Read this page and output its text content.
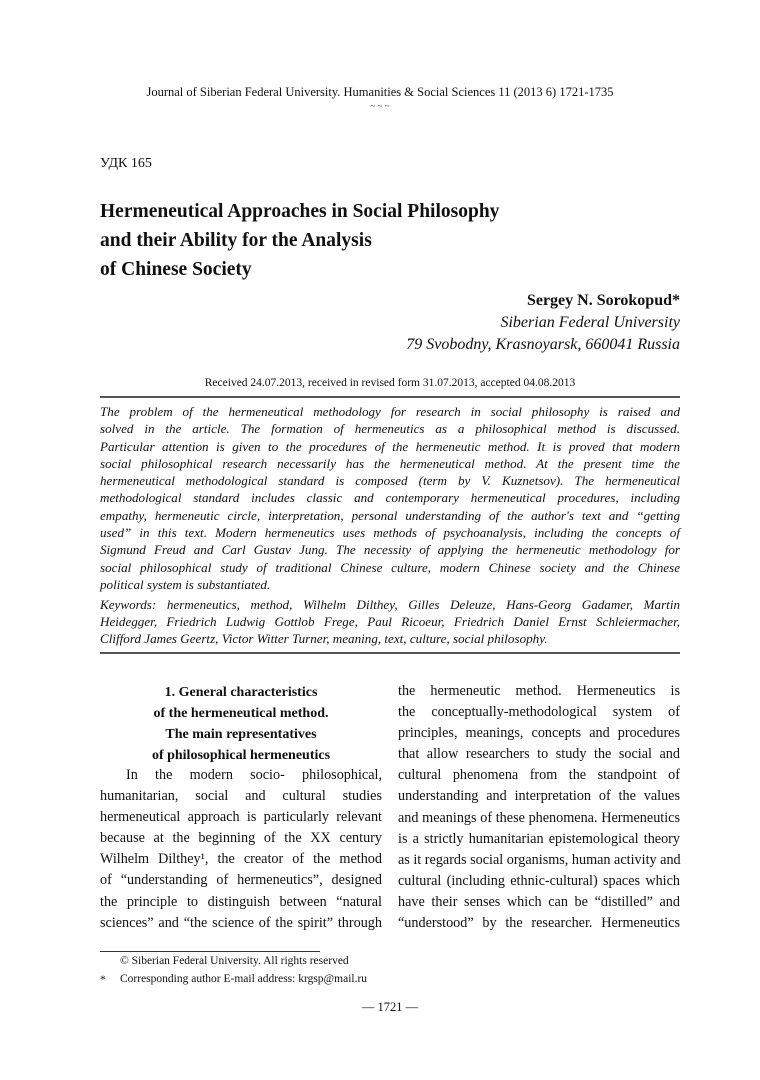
Journal of Siberian Federal University. Humanities & Social Sciences 11 (2013 6) 1721-1735
~ ~ ~
УДК 165
Hermeneutical Approaches in Social Philosophy
and their Ability for the Analysis
of Chinese Society
Sergey N. Sorokopud*
Siberian Federal University
79 Svobodny, Krasnoyarsk, 660041 Russia
Received 24.07.2013, received in revised form 31.07.2013, accepted 04.08.2013
The problem of the hermeneutical methodology for research in social philosophy is raised and
solved in the article. The formation of hermeneutics as a philosophical method is discussed.
Particular attention is given to the procedures of the hermeneutic method. It is proved that modern
social philosophical research necessarily has the hermeneutical method. At the present time the
hermeneutical methodological standard is composed (term by V. Kuznetsov). The hermeneutical
methodological standard includes classic and contemporary hermeneutical procedures, including
empathy, hermeneutic circle, interpretation, personal understanding of the author's text and “getting
used” in this text. Modern hermeneutics uses methods of psychoanalysis, including the concepts of
Sigmund Freud and Carl Gustav Jung. The necessity of applying the hermeneutic methodology for
social philosophical study of traditional Chinese culture, modern Chinese society and the Chinese
political system is substantiated.
Keywords: hermeneutics, method, Wilhelm Dilthey, Gilles Deleuze, Hans-Georg Gadamer, Martin
Heidegger, Friedrich Ludwig Gottlob Frege, Paul Ricoeur, Friedrich Daniel Ernst Schleiermacher,
Clifford James Geertz, Victor Witter Turner, meaning, text, culture, social philosophy.
1. General characteristics
of the hermeneutical method.
The main representatives
of philosophical hermeneutics
In the modern socio- philosophical,
humanitarian, social and cultural studies
hermeneutical approach is particularly relevant
because at the beginning of the XX century
Wilhelm Dilthey¹, the creator of the method
of “understanding of hermeneutics”, designed
the principle to distinguish between “natural
sciences” and “the science of the spirit” through
the hermeneutic method. Hermeneutics is
the conceptually-methodological system of
principles, meanings, concepts and procedures
that allow researchers to study the social and
cultural phenomena from the standpoint of
understanding and interpretation of the values
and meanings of these phenomena. Hermeneutics
is a strictly humanitarian epistemological theory
as it regards social organisms, human activity and
cultural (including ethnic-cultural) spaces which
have their senses which can be “distilled” and
“understood” by the researcher. Hermeneutics
© Siberian Federal University. All rights reserved
* Corresponding author E-mail address: krgsp@mail.ru
— 1721 —
